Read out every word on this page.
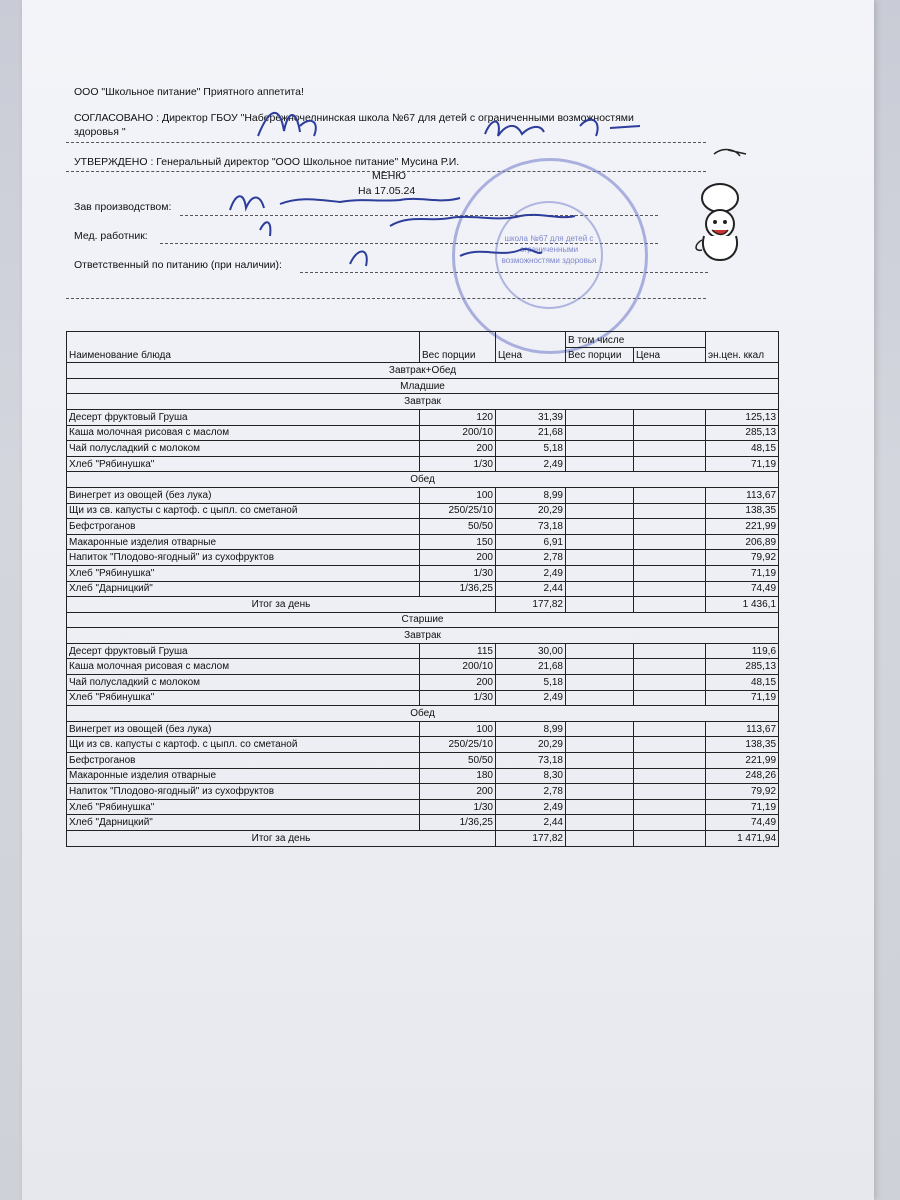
ООО "Школьное питание" Приятного аппетита!
СОГЛАСОВАНО : Директор ГБОУ "Набережночелнинская школа №67 для детей с ограниченными возможностями
здоровья "
УТВЕРЖДЕНО : Генеральный директор "ООО Школьное питание" Мусина Р.И.
МЕНЮ
На 17.05.24
Зав производством:
Мед. работник:
Ответственный по питанию (при наличии):
школа №67 для детей с ограниченными возможностями здоровья
Наименование блюда	Вес порции	Цена	В том числе		эн.цен. ккал
			Вес порции	Цена	
Завтрак+Обед					
Младшие					
Завтрак					
Десерт фруктовый Груша	120	31,39			125,13
Каша молочная рисовая с маслом	200/10	21,68			285,13
Чай полусладкий с молоком	200	5,18			48,15
Хлеб "Рябинушка"	1/30	2,49			71,19
Обед					
Винегрет из овощей (без лука)	100	8,99			113,67
Щи из св. капусты с картоф. с цыпл. со сметаной	250/25/10	20,29			138,35
Бефстроганов	50/50	73,18			221,99
Макаронные изделия отварные	150	6,91			206,89
Напиток "Плодово-ягодный" из сухофруктов	200	2,78			79,92
Хлеб "Рябинушка"	1/30	2,49			71,19
Хлеб "Дарницкий"	1/36,25	2,44			74,49
Итог за день		177,82			1 436,1
Старшие					
Завтрак					
Десерт фруктовый Груша	115	30,00			119,6
Каша молочная рисовая с маслом	200/10	21,68			285,13
Чай полусладкий с молоком	200	5,18			48,15
Хлеб "Рябинушка"	1/30	2,49			71,19
Обед					
Винегрет из овощей (без лука)	100	8,99			113,67
Щи из св. капусты с картоф. с цыпл. со сметаной	250/25/10	20,29			138,35
Бефстроганов	50/50	73,18			221,99
Макаронные изделия отварные	180	8,30			248,26
Напиток "Плодово-ягодный" из сухофруктов	200	2,78			79,92
Хлеб "Рябинушка"	1/30	2,49			71,19
Хлеб "Дарницкий"	1/36,25	2,44			74,49
Итог за день		177,82			1 471,94
